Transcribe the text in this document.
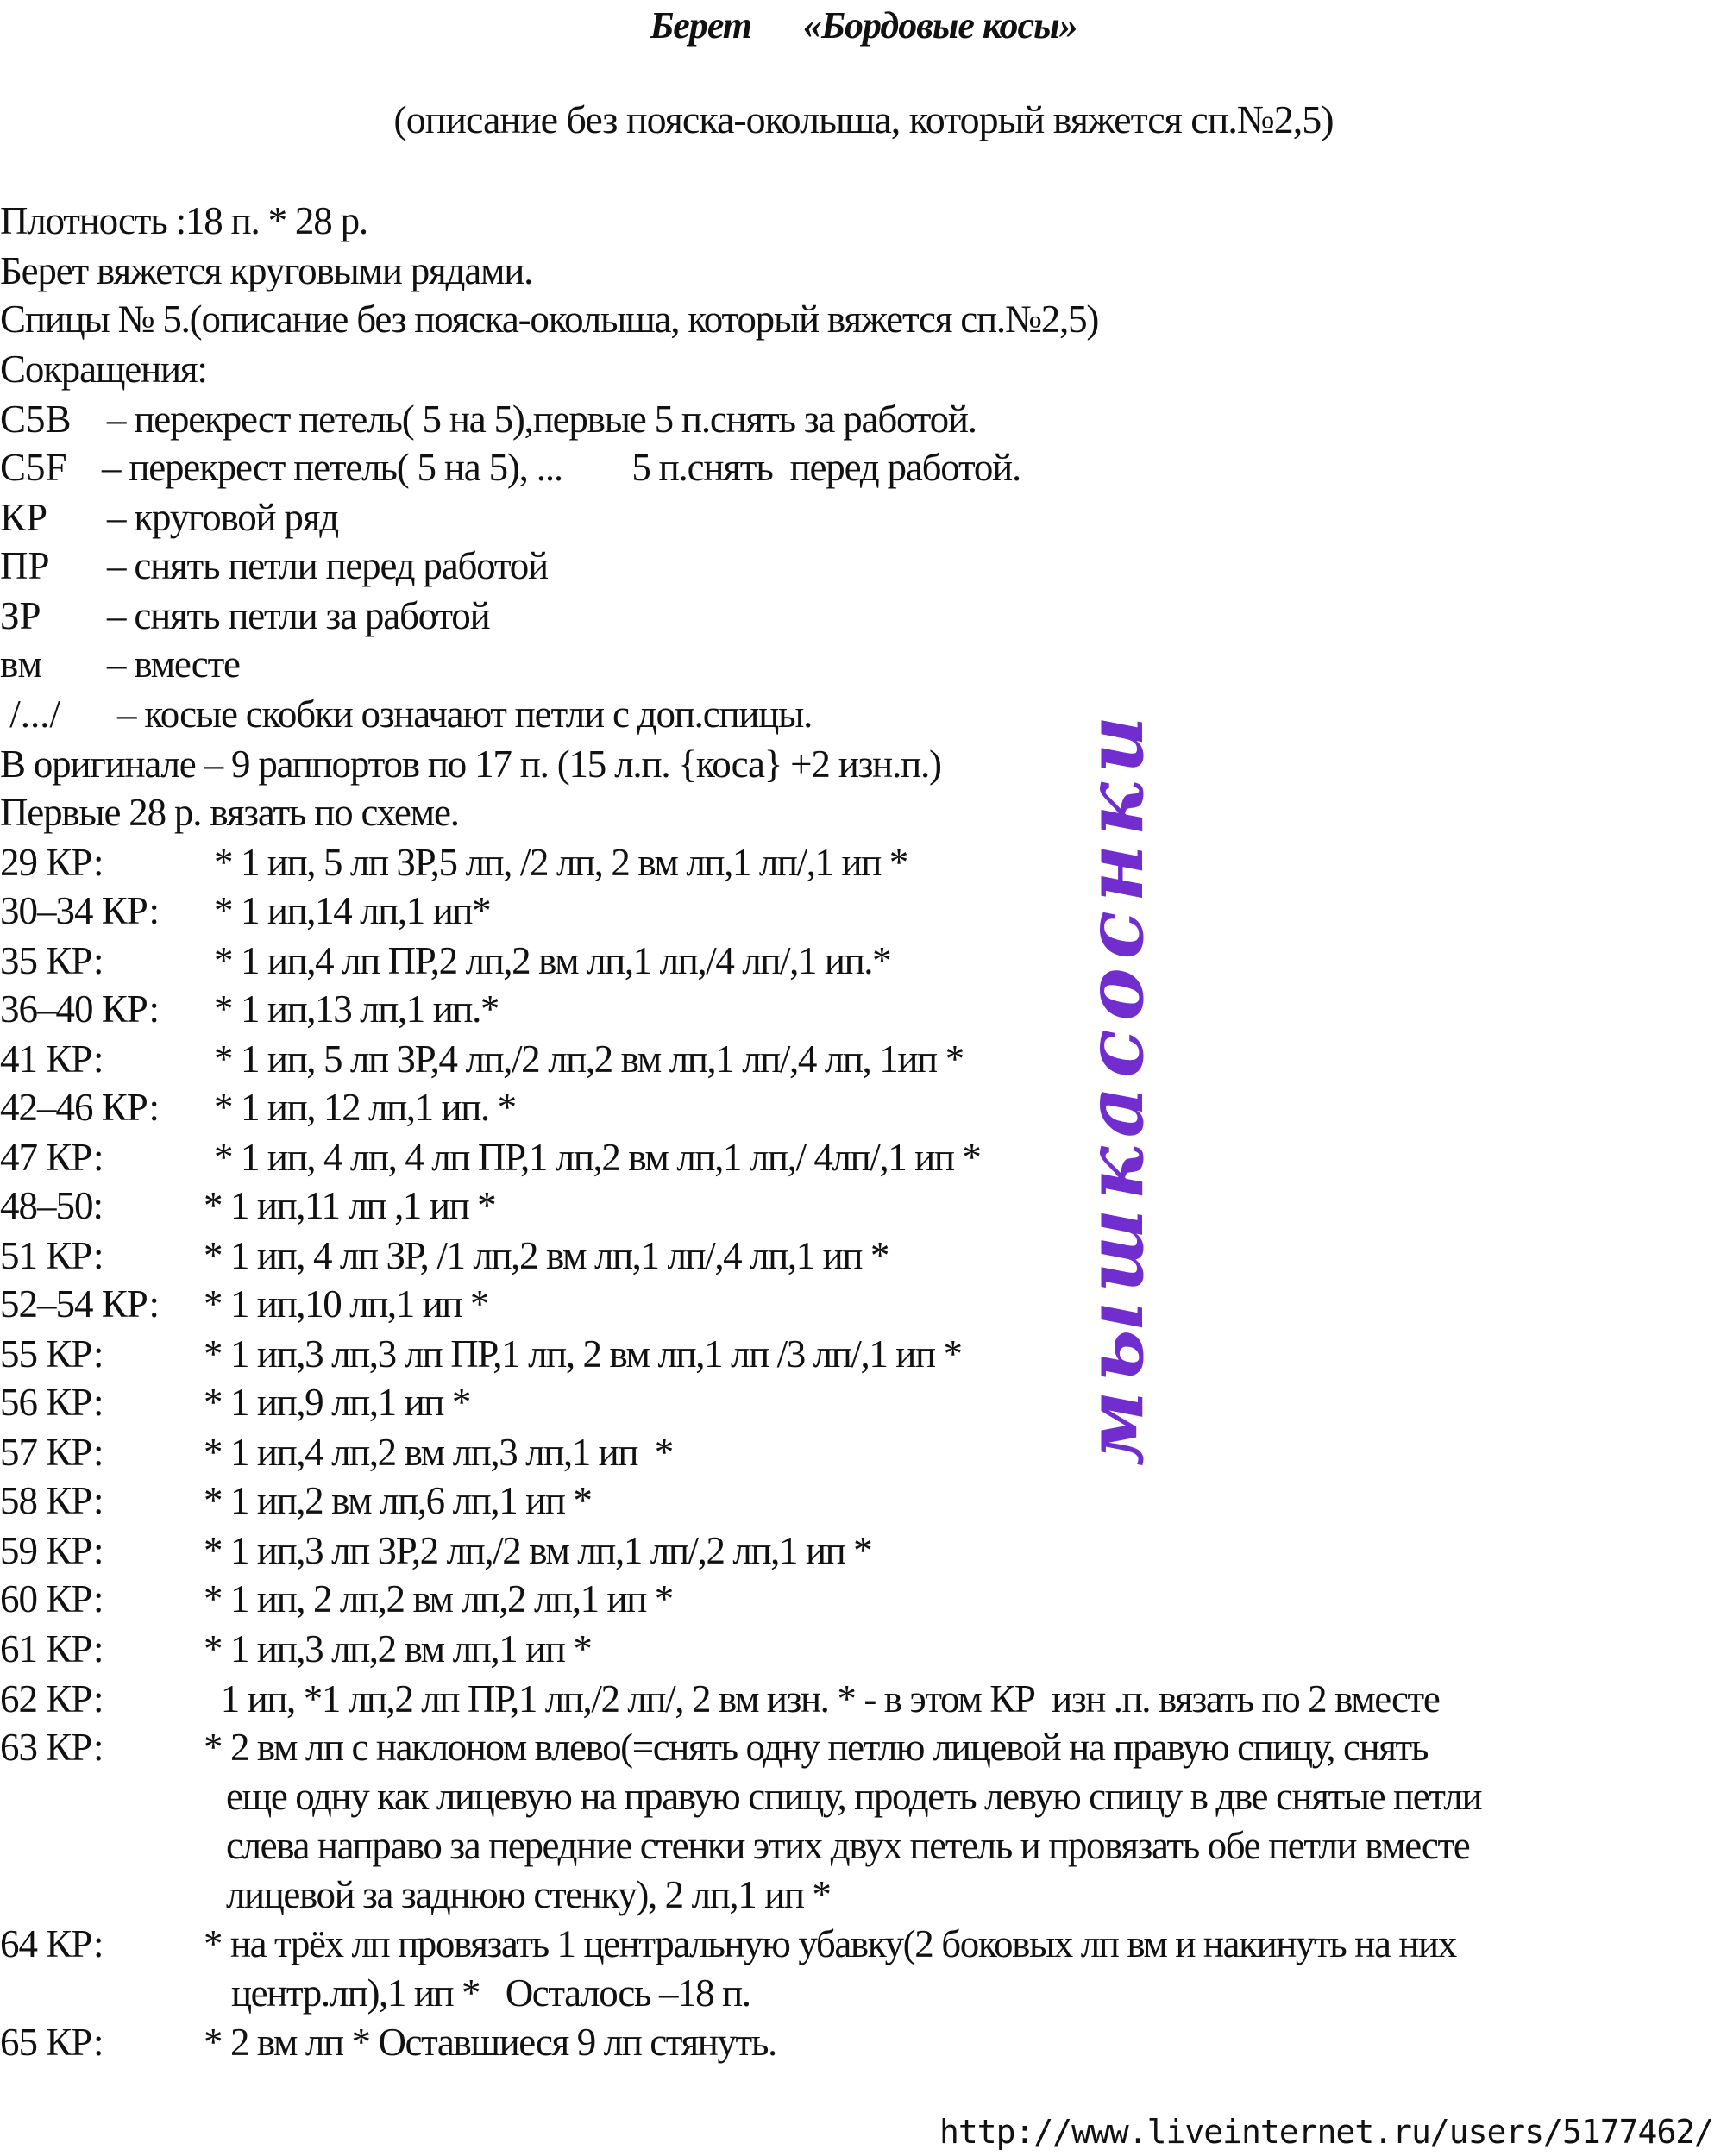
Берет «Бордовые косы»
(описание без пояска-околыша, который вяжется сп.№2,5)
Плотность :18 п. * 28 р.
Берет вяжется круговыми рядами.
Спицы № 5.(описание без пояска-околыша, который вяжется сп.№2,5)
Сокращения:
C5B – перекрест петель( 5 на 5),первые 5 п.снять за работой.
C5F – перекрест петель( 5 на 5), ...        5 п.снять  перед работой.
КР – круговой ряд
ПР – снять петли перед работой
ЗР – снять петли за работой
вм – вместе
/.../ – косые скобки означают петли с доп.спицы.
В оригинале – 9 раппортов по 17 п. (15 л.п. {коса} +2 изн.п.)
Первые 28 р. вязать по схеме.
29 КР:	* 1 ип, 5 лп ЗР,5 лп, /2 лп, 2 вм лп,1 лп/,1 ип *
30–34 КР: * 1 ип,14 лп,1 ип*
35 КР:	* 1 ип,4 лп ПР,2 лп,2 вм лп,1 лп,/4 лп/,1 ип.*
36–40 КР: * 1 ип,13 лп,1 ип.*
41 КР:	* 1 ип, 5 лп ЗР,4 лп,/2 лп,2 вм лп,1 лп/,4 лп, 1ип *
42–46 КР: * 1 ип, 12 лп,1 ип. *
47 КР:	* 1 ип, 4 лп, 4 лп ПР,1 лп,2 вм лп,1 лп,/ 4лп/,1 ип *
48–50:	* 1 ип,11 лп ,1 ип *
51 КР:	* 1 ип, 4 лп ЗР, /1 лп,2 вм лп,1 лп/,4 лп,1 ип *
52–54 КР: * 1 ип,10 лп,1 ип *
55 КР:	* 1 ип,3 лп,3 лп ПР,1 лп, 2 вм лп,1 лп /3 лп/,1 ип *
56 КР:	* 1 ип,9 лп,1 ип *
57 КР:	* 1 ип,4 лп,2 вм лп,3 лп,1 ип  *
58 КР:	* 1 ип,2 вм лп,6 лп,1 ип *
59 КР:	* 1 ип,3 лп ЗР,2 лп,/2 вм лп,1 лп/,2 лп,1 ип *
60 КР:	* 1 ип, 2 лп,2 вм лп,2 лп,1 ип *
61 КР:	* 1 ип,3 лп,2 вм лп,1 ип *
62 КР:	1 ип, *1 лп,2 лп ПР,1 лп,/2 лп/, 2 вм изн. * - в этом КР  изн .п. вязать по 2 вместе
63 КР:	* 2 вм лп с наклоном влево(=снять одну петлю лицевой на правую спицу, снять
еще одну как лицевую на правую спицу, продеть левую спицу в две снятые петли
слева направо за передние стенки этих двух петель и провязать обе петли вместе
лицевой за заднюю стенку), 2 лп,1 ип *
64 КР:	* на трёх лп провязать 1 центральную убавку(2 боковых лп вм и накинуть на них
центр.лп),1 ип *   Осталось –18 п.
65 КР:	* 2 вм лп * Оставшиеся 9 лп стянуть.
мышкасоснки
http://www.liveinternet.ru/users/5177462/
